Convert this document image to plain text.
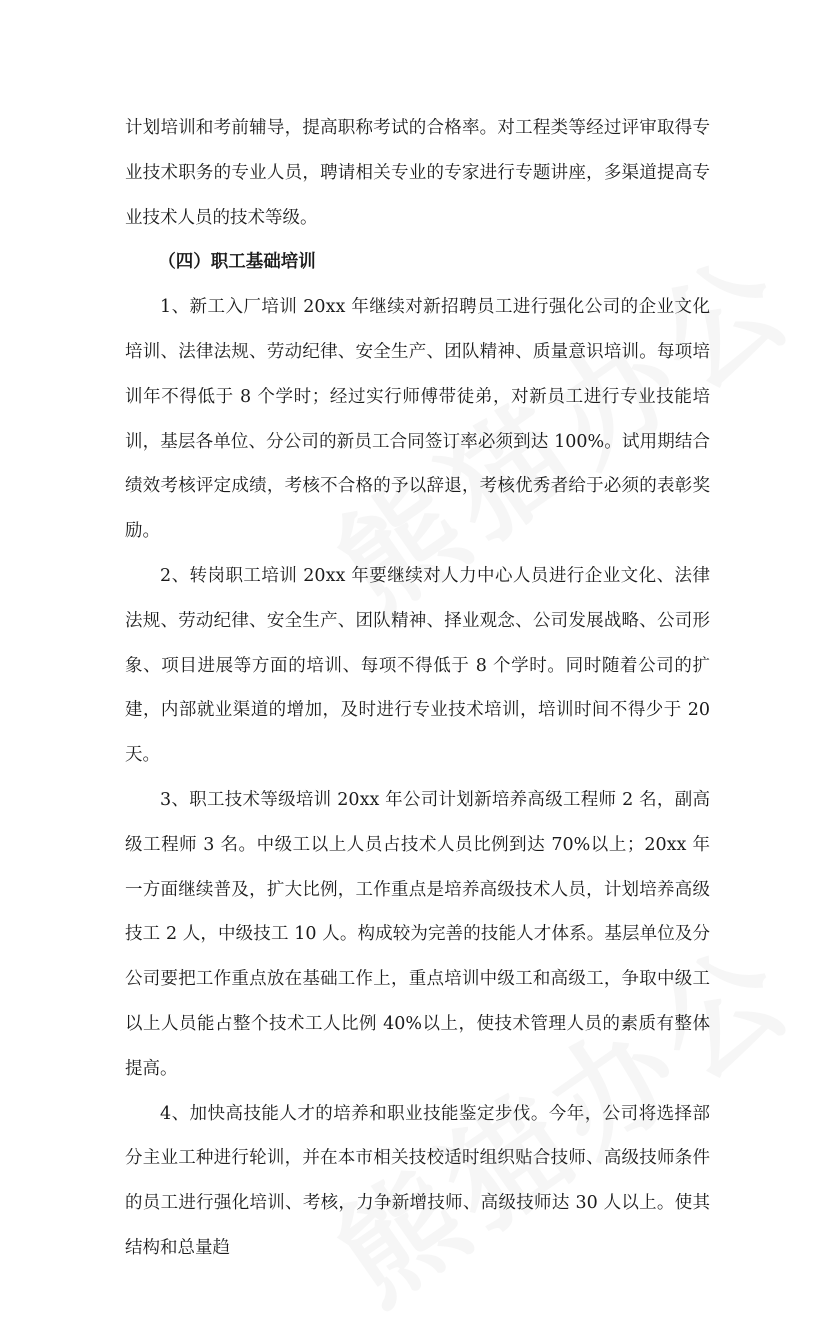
计划培训和考前辅导，提高职称考试的合格率。对工程类等经过评审取得专业技术职务的专业人员，聘请相关专业的专家进行专题讲座，多渠道提高专业技术人员的技术等级。

（四）职工基础培训

1、新工入厂培训 20xx 年继续对新招聘员工进行强化公司的企业文化培训、法律法规、劳动纪律、安全生产、团队精神、质量意识培训。每项培训年不得低于 8 个学时；经过实行师傅带徒弟，对新员工进行专业技能培训，基层各单位、分公司的新员工合同签订率必须到达 100%。试用期结合绩效考核评定成绩，考核不合格的予以辞退，考核优秀者给于必须的表彰奖励。

2、转岗职工培训 20xx 年要继续对人力中心人员进行企业文化、法律法规、劳动纪律、安全生产、团队精神、择业观念、公司发展战略、公司形象、项目进展等方面的培训、每项不得低于 8 个学时。同时随着公司的扩建，内部就业渠道的增加，及时进行专业技术培训，培训时间不得少于 20 天。

3、职工技术等级培训 20xx 年公司计划新培养高级工程师 2 名，副高级工程师 3 名。中级工以上人员占技术人员比例到达 70%以上；20xx 年一方面继续普及，扩大比例，工作重点是培养高级技术人员，计划培养高级技工 2 人，中级技工 10 人。构成较为完善的技能人才体系。基层单位及分公司要把工作重点放在基础工作上，重点培训中级工和高级工，争取中级工以上人员能占整个技术工人比例 40%以上，使技术管理人员的素质有整体提高。

4、加快高技能人才的培养和职业技能鉴定步伐。今年，公司将选择部分主业工种进行轮训，并在本市相关技校适时组织贴合技师、高级技师条件的员工进行强化培训、考核，力争新增技师、高级技师达 30 人以上。使其结构和总量趋
